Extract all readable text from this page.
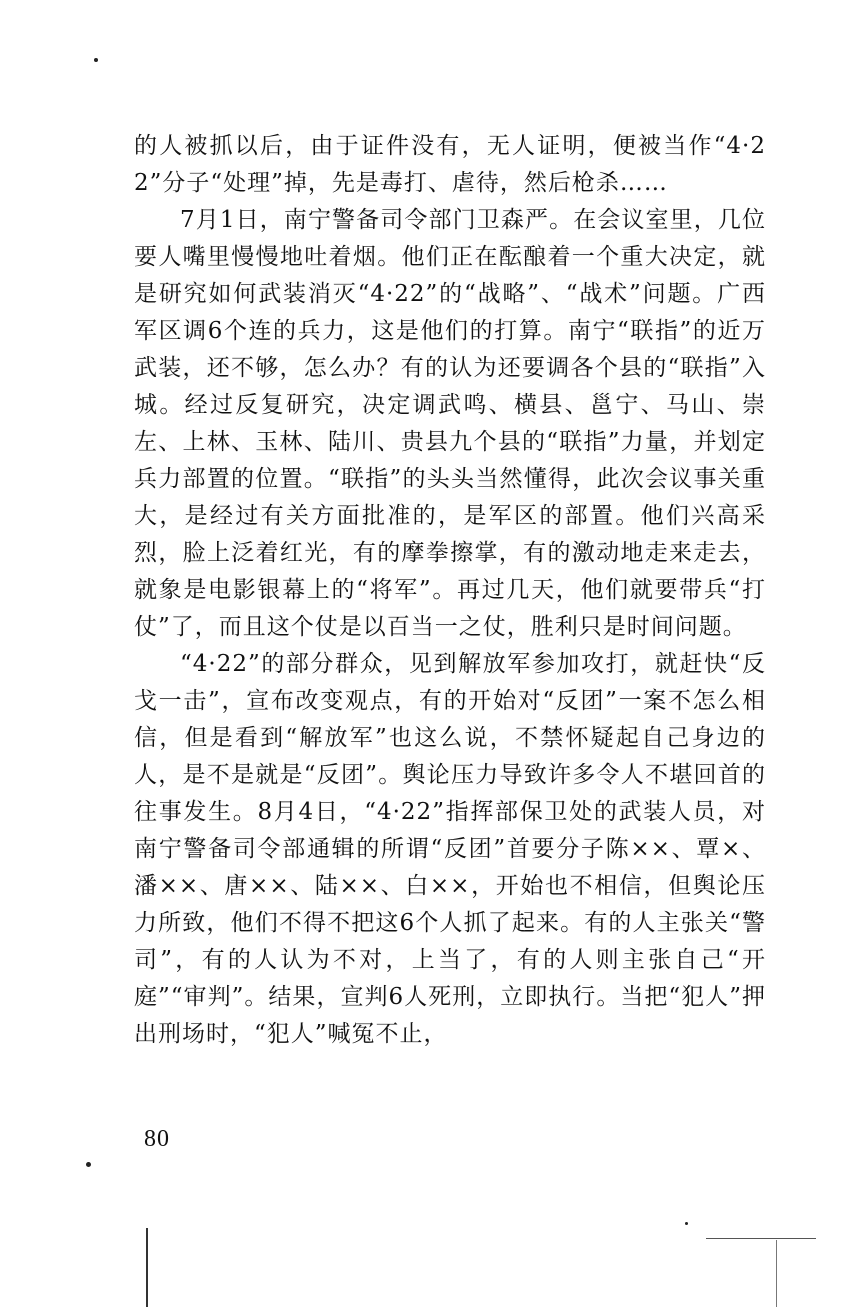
的人被抓以后，由于证件没有，无人证明，便被当作“4·22”分子“处理”掉，先是毒打、虐待，然后枪杀……

7月1日，南宁警备司令部门卫森严。在会议室里，几位要人嘴里慢慢地吐着烟。他们正在酝酿着一个重大决定，就是研究如何武装消灭“4·22”的“战略”、“战术”问题。广西军区调6个连的兵力，这是他们的打算。南宁“联指”的近万武装，还不够，怎么办？有的认为还要调各个县的“联指”入城。经过反复研究，决定调武鸣、横县、邕宁、马山、崇左、上林、玉林、陆川、贵县九个县的“联指”力量，并划定兵力部置的位置。“联指”的头头当然懂得，此次会议事关重大，是经过有关方面批准的，是军区的部置。他们兴高采烈，脸上泛着红光，有的摩拳擦掌，有的激动地走来走去，就象是电影银幕上的“将军”。再过几天，他们就要带兵“打仗”了，而且这个仗是以百当一之仗，胜利只是时间问题。

“4·22”的部分群众，见到解放军参加攻打，就赶快“反戈一击”，宣布改变观点，有的开始对“反团”一案不怎么相信，但是看到“解放军”也这么说，不禁怀疑起自己身边的人，是不是就是“反团”。舆论压力导致许多令人不堪回首的往事发生。8月4日，“4·22”指挥部保卫处的武装人员，对南宁警备司令部通辑的所谓“反团”首要分子陈××、覃×、潘××、唐××、陆××、白××，开始也不相信，但舆论压力所致，他们不得不把这6个人抓了起来。有的人主张关“警司”，有的人认为不对，上当了，有的人则主张自己“开庭”“审判”。结果，宣判6人死刑，立即执行。当把“犯人”押出刑场时，“犯人”喊冤不止，

80
